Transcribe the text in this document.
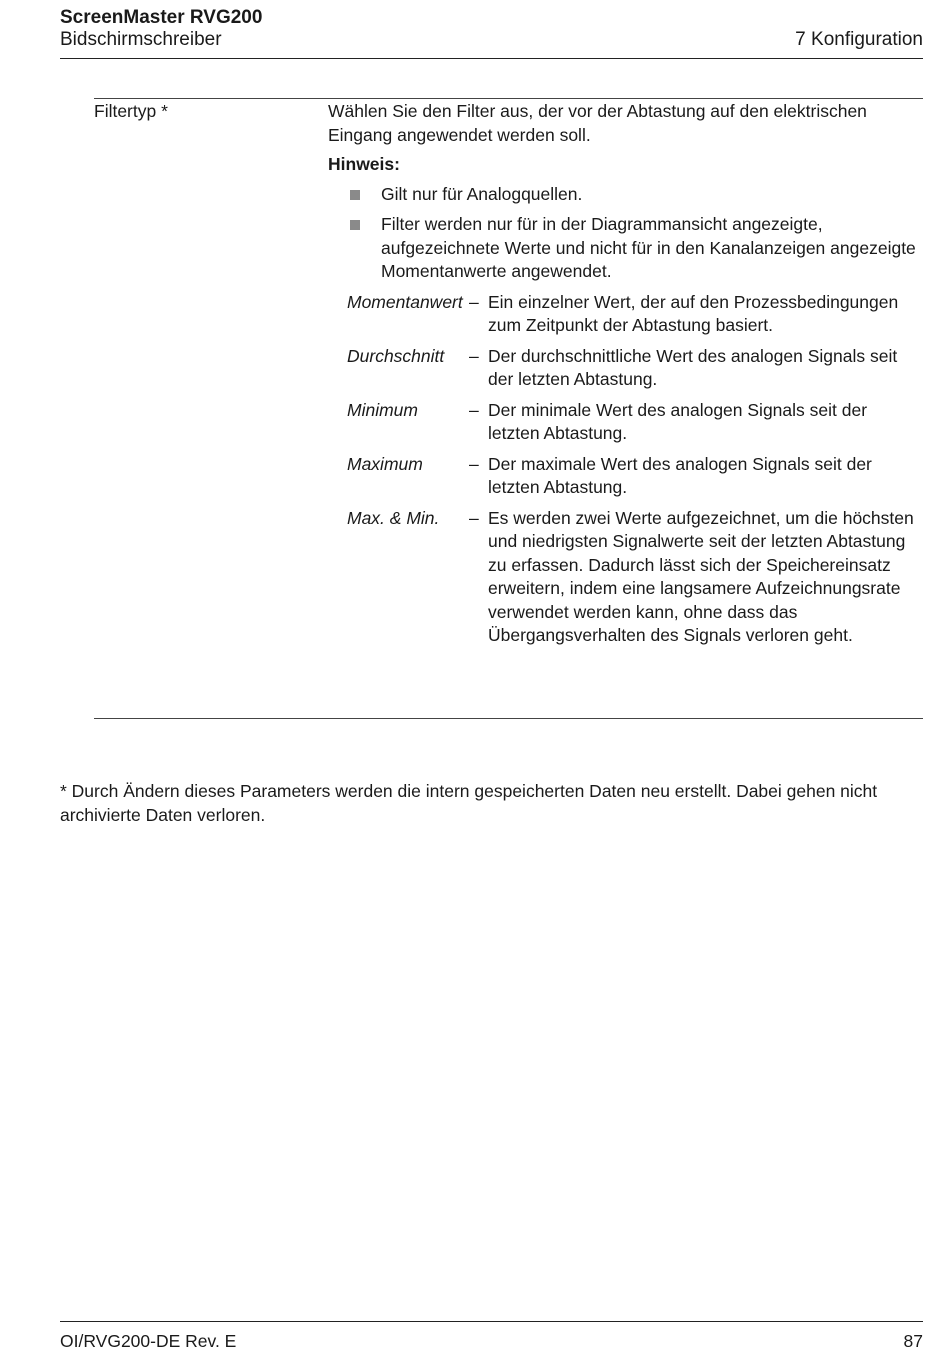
ScreenMaster RVG200
Bidschirmschreiber	7 Konfiguration
Filtertyp *	Wählen Sie den Filter aus, der vor der Abtastung auf den elektrischen Eingang angewendet werden soll.

Hinweis:

Gilt nur für Analogquellen.
Filter werden nur für in der Diagrammansicht angezeigte, aufgezeichnete Werte und nicht für in den Kanalanzeigen angezeigte Momentanwerte angewendet.
Momentanwert – Ein einzelner Wert, der auf den Prozessbedingungen zum Zeitpunkt der Abtastung basiert.
Durchschnitt – Der durchschnittliche Wert des analogen Signals seit der letzten Abtastung.
Minimum	– Der minimale Wert des analogen Signals seit der letzten Abtastung.
Maximum	– Der maximale Wert des analogen Signals seit der letzten Abtastung.
Max. & Min. – Es werden zwei Werte aufgezeichnet, um die höchsten und niedrigsten Signalwerte seit der letzten Abtastung zu erfassen. Dadurch lässt sich der Speichereinsatz erweitern, indem eine langsamere Aufzeichnungsrate verwendet werden kann, ohne dass das Übergangsverhalten des Signals verloren geht.
* Durch Ändern dieses Parameters werden die intern gespeicherten Daten neu erstellt. Dabei gehen nicht archivierte Daten verloren.
OI/RVG200-DE Rev. E	87
